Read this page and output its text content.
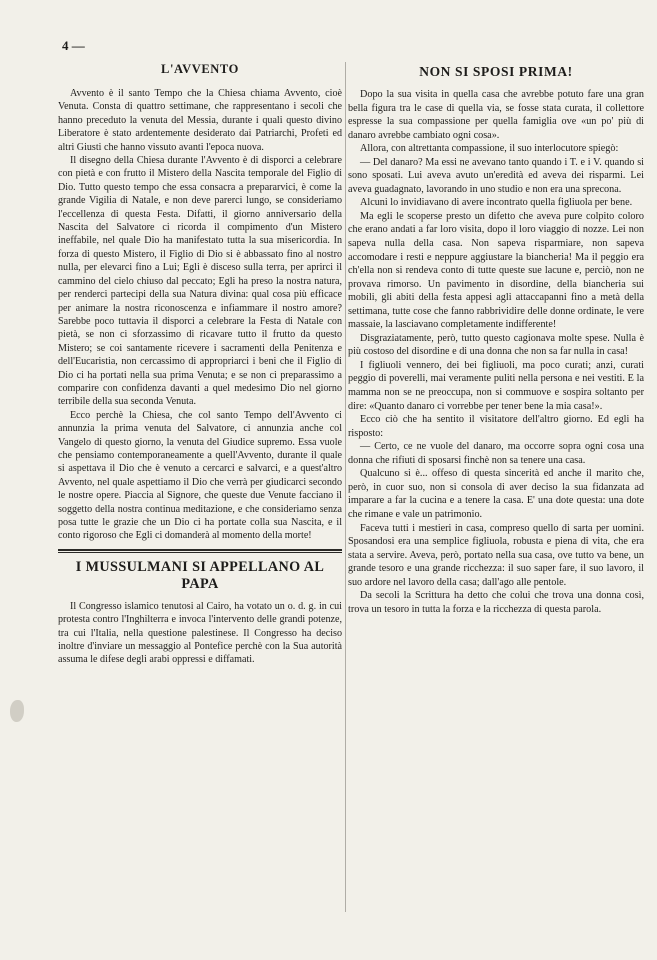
4 —
L'AVVENTO

Avvento è il santo Tempo che la Chiesa chiama Avvento, cioè Venuta. Consta di quattro settimane, che rappresentano i secoli che hanno preceduto la venuta del Messia, durante i quali questo divino Liberatore è stato ardentemente desiderato dai Patriarchi, Profeti ed altri Giusti che hanno vissuto avanti l'epoca nuova.

Il disegno della Chiesa durante l'Avvento è di disporci a celebrare con pietà e con frutto il Mistero della Nascita temporale del Figlio di Dio. Tutto questo tempo che essa consacra a prepararvici, è come la grande Vigilia di Natale, e non deve parerci lungo, se consideriamo l'eccellenza di questa Festa. Difatti, il giorno anniversario della Nascita del Salvatore ci ricorda il compimento d'un Mistero ineffabile, nel quale Dio ha manifestato tutta la sua misericordia. In forza di questo Mistero, il Figlio di Dio si è abbassato fino al nostro nulla, per elevarci fino a Lui; Egli è disceso sulla terra, per aprirci il cammino del cielo chiuso dal peccato; Egli ha preso la nostra natura, per renderci partecipi della sua Natura divina: qual cosa più efficace per animare la nostra riconoscenza e infiammare il nostro amore? Sarebbe poco tuttavia il disporci a celebrare la Festa di Natale con pietà, se non ci sforzassimo di ricavare tutto il frutto da questo Mistero; se coi santamente ricevere i sacramenti della Penitenza e dell'Eucaristia, non cercassimo di appropriarci i beni che il Figlio di Dio ci ha portati nella sua prima Venuta; e se non ci preparassimo a comparire con confidenza davanti a quel medesimo Dio nel giorno terribile della sua seconda Venuta.

Ecco perchè la Chiesa, che col santo Tempo dell'Avvento ci annunzia la prima venuta del Salvatore, ci annunzia anche col Vangelo di questo giorno, la venuta del Giudice supremo. Essa vuole che pensiamo contemporaneamente a quell'Avvento, durante il quale si aspettava il Dio che è venuto a cercarci e salvarci, e a quest'altro Avvento, nel quale aspettiamo il Dio che verrà per giudicarci secondo le nostre opere. Piaccia al Signore, che queste due Venute facciano il soggetto della nostra continua meditazione, e che consideriamo senza posa tutte le grazie che un Dio ci ha portate colla sua Nascita, e il conto rigoroso che Egli ci domanderà al momento della morte!

I MUSSULMANI SI APPELLANO AL PAPA

Il Congresso islamico tenutosi al Cairo, ha votato un o. d. g. in cui protesta contro l'Inghilterra e invoca l'intervento delle grandi potenze, tra cui l'Italia, nella questione palestinese. Il Congresso ha deciso inoltre d'inviare un messaggio al Pontefice perchè con la Sua autorità assuma le difese degli arabi oppressi e diffamati.

NON SI SPOSI PRIMA!

Dopo la sua visita in quella casa che avrebbe potuto fare una gran bella figura tra le case di quella via, se fosse stata curata, il collettore espresse la sua compassione per quella famiglia ove «un po' più di danaro avrebbe cambiato ogni cosa».

Allora, con altrettanta compassione, il suo interlocutore spiegò:

— Del danaro? Ma essi ne avevano tanto quando i T. e i V. quando si sono sposati. Lui aveva avuto un'eredità ed aveva dei risparmi. Lei aveva guadagnato, lavorando in uno studio e non era una sprecona.

Alcuni lo invidiavano di avere incontrato quella figliuola per bene.

Ma egli le scoperse presto un difetto che aveva pure colpito coloro che erano andati a far loro visita, dopo il loro viaggio di nozze. Lei non sapeva nulla della casa. Non sapeva risparmiare, non sapeva accomodare i resti e neppure aggiustare la biancheria! Ma il peggio era ch'ella non si rendeva conto di tutte queste sue lacune e, perciò, non ne provava rimorso. Un pavimento in disordine, della biancheria sui mobili, gli abiti della festa appesi agli attaccapanni fino a metà della settimana, tutte cose che fanno rabbrividire delle donne ordinate, le vere massaie, la lasciavano completamente indifferente!

Disgraziatamente, però, tutto questo cagionava molte spese. Nulla è più costoso del disordine e di una donna che non sa far nulla in casa!

I figliuoli vennero, dei bei figliuoli, ma poco curati; anzi, curati peggio di poverelli, mai veramente puliti nella persona e nei vestiti. E la mamma non se ne preoccupa, non si commuove e sospira soltanto per dire: «Quanto danaro ci vorrebbe per tener bene la mia casa!».

Ecco ciò che ha sentito il visitatore dell'altro giorno. Ed egli ha risposto:

— Certo, ce ne vuole del danaro, ma occorre sopra ogni cosa una donna che rifiuti di sposarsi finchè non sa tenere una casa.

Qualcuno si è... offeso di questa sincerità ed anche il marito che, però, in cuor suo, non si consola di aver deciso la sua fidanzata ad imparare a far la cucina e a tenere la casa. E' una dote questa: una dote che rimane e vale un patrimonio.

Faceva tutti i mestieri in casa, compreso quello di sarta per uomini. Sposandosi era una semplice figliuola, robusta e piena di vita, che era stata a servire. Aveva, però, portato nella sua casa, ove tutto va bene, un grande tesoro e una grande ricchezza: il suo saper fare, il suo lavoro, il suo ardore nel lavoro della casa; dall'ago alle pentole.

Da secoli la Scrittura ha detto che colui che trova una donna così, trova un tesoro in tutta la forza e la ricchezza di questa parola.
